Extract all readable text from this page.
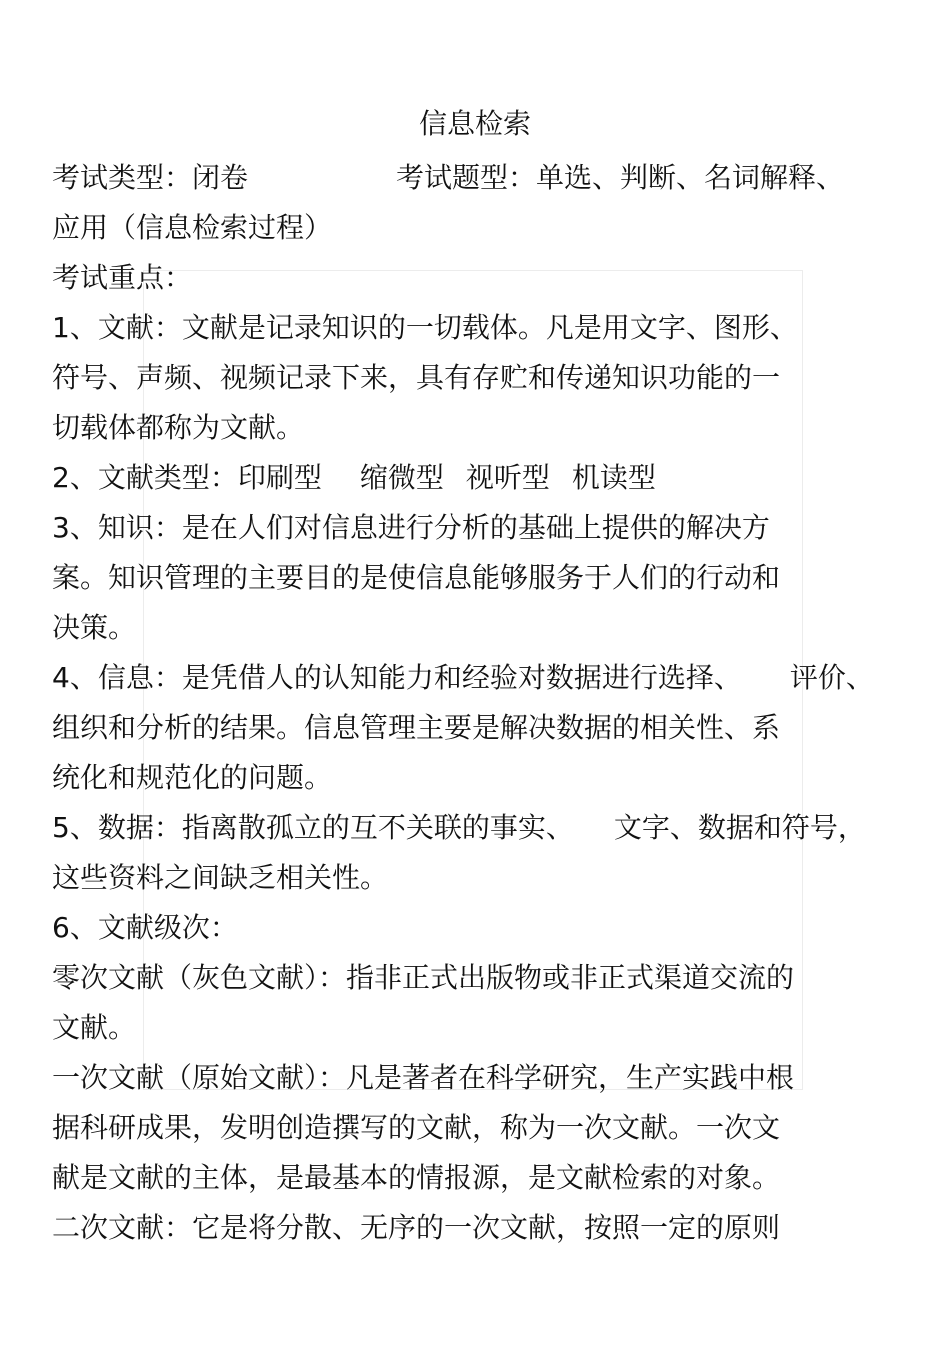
信息检索
考试类型：闭卷	考试题型：单选、判断、名词解释、
应用（信息检索过程）
考试重点：
1、文献：文献是记录知识的一切载体。凡是用文字、图形、
符号、声频、视频记录下来，具有存贮和传递知识功能的一
切载体都称为文献。
2、文献类型：印刷型 缩微型 视听型 机读型
3、知识：是在人们对信息进行分析的基础上提供的解决方
案。知识管理的主要目的是使信息能够服务于人们的行动和
决策。
4、信息：是凭借人的认知能力和经验对数据进行选择、 评价、
组织和分析的结果。信息管理主要是解决数据的相关性、系
统化和规范化的问题。
5、数据：指离散孤立的互不关联的事实、 文字、数据和符号，
这些资料之间缺乏相关性。
6、文献级次：
零次文献（灰色文献）：指非正式出版物或非正式渠道交流的
文献。
一次文献（原始文献）：凡是著者在科学研究，生产实践中根
据科研成果，发明创造撰写的文献，称为一次文献。一次文
献是文献的主体，是最基本的情报源，是文献检索的对象。
二次文献：它是将分散、无序的一次文献，按照一定的原则
